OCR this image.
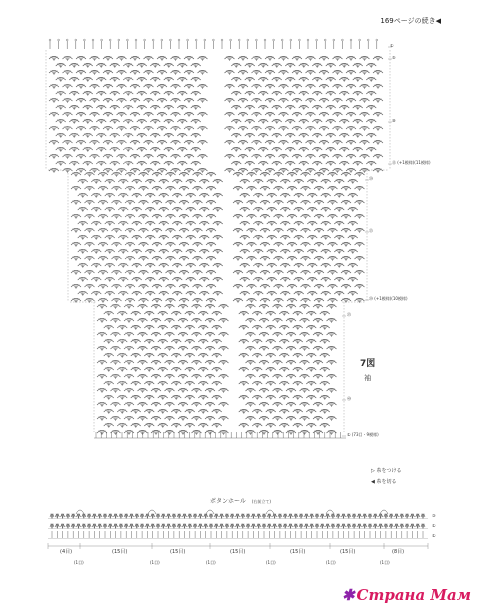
169ページの続き◀
7図
袖
▷ 糸をつける
◀ 糸を切る
ボタンホール (右前立て)
(4目)	(15目)	(15目)	(15目)	(15目)	(15目)	(8目)
(1目)	(1目)	(1目)	(1目)	(1目)	(1目)
①
⑤
⑩
⑮ (+1模様)(11模様)
⑳
㉕
㉚ (+1模様)(10模様)
㉟
㊵
① (73目・9模様)
③
①
①
✱ Страна Мам
